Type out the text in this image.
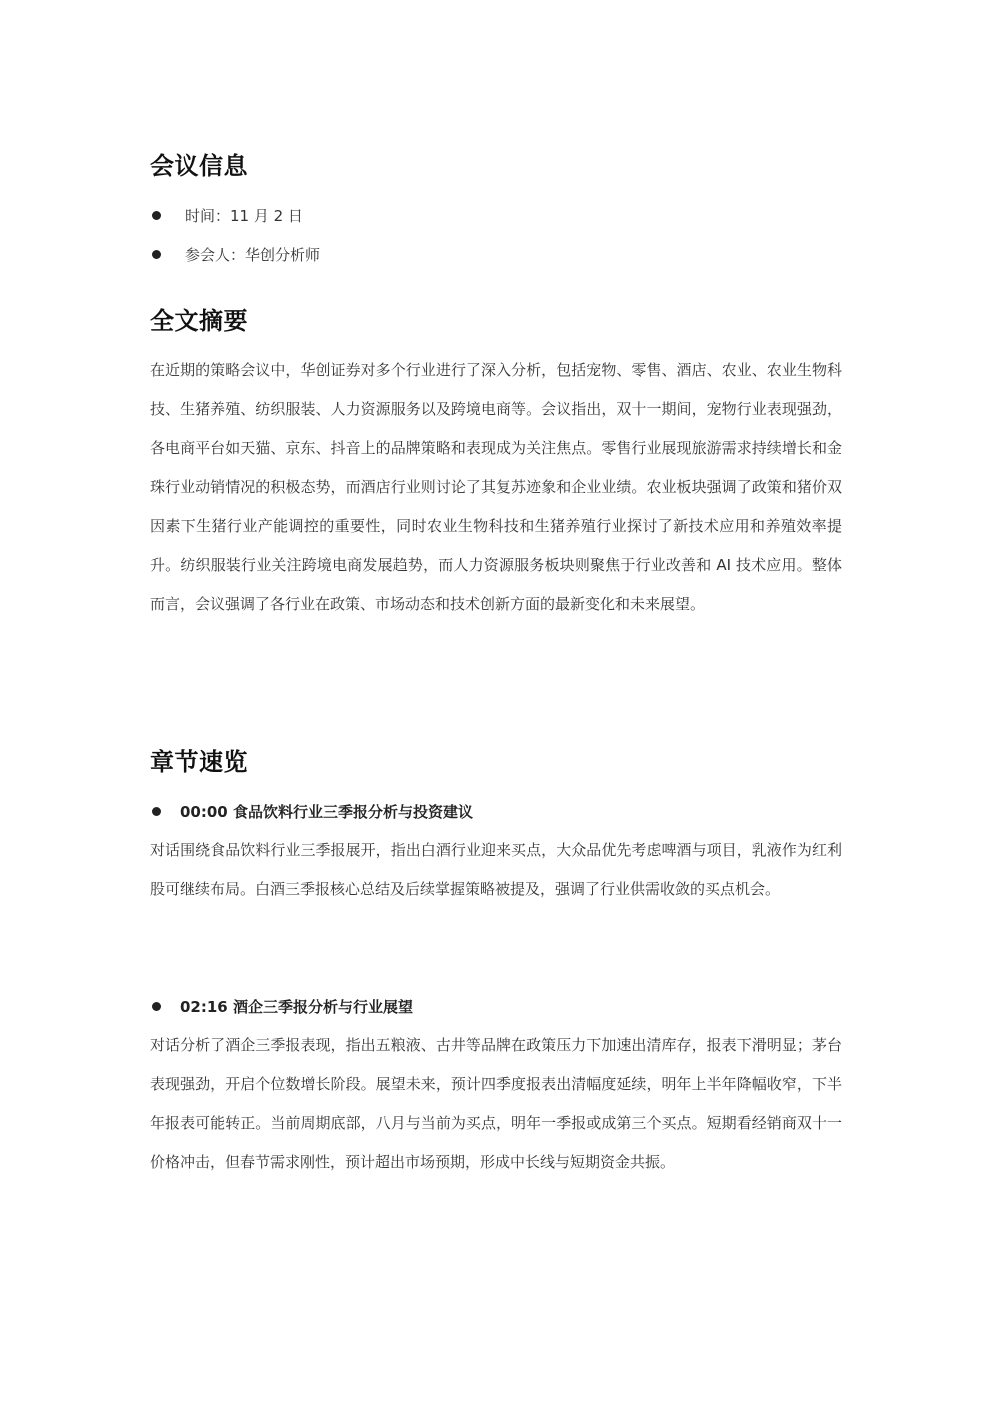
会议信息
时间：11 月 2 日
参会人：华创分析师
全文摘要

在近期的策略会议中，华创证券对多个行业进行了深入分析，包括宠物、零售、酒店、农业、农业生物科技、生猪养殖、纺织服装、人力资源服务以及跨境电商等。会议指出，双十一期间，宠物行业表现强劲，各电商平台如天猫、京东、抖音上的品牌策略和表现成为关注焦点。零售行业展现旅游需求持续增长和金珠行业动销情况的积极态势，而酒店行业则讨论了其复苏迹象和企业业绩。农业板块强调了政策和猪价双因素下生猪行业产能调控的重要性，同时农业生物科技和生猪养殖行业探讨了新技术应用和养殖效率提升。纺织服装行业关注跨境电商发展趋势，而人力资源服务板块则聚焦于行业改善和 AI 技术应用。整体而言，会议强调了各行业在政策、市场动态和技术创新方面的最新变化和未来展望。

章节速览
00:00 食品饮料行业三季报分析与投资建议

对话围绕食品饮料行业三季报展开，指出白酒行业迎来买点，大众品优先考虑啤酒与项目，乳液作为红利股可继续布局。白酒三季报核心总结及后续掌握策略被提及，强调了行业供需收敛的买点机会。

02:16 酒企三季报分析与行业展望

对话分析了酒企三季报表现，指出五粮液、古井等品牌在政策压力下加速出清库存，报表下滑明显；茅台表现强劲，开启个位数增长阶段。展望未来，预计四季度报表出清幅度延续，明年上半年降幅收窄，下半年报表可能转正。当前周期底部，八月与当前为买点，明年一季报或成第三个买点。短期看经销商双十一价格冲击，但春节需求刚性，预计超出市场预期，形成中长线与短期资金共振。
